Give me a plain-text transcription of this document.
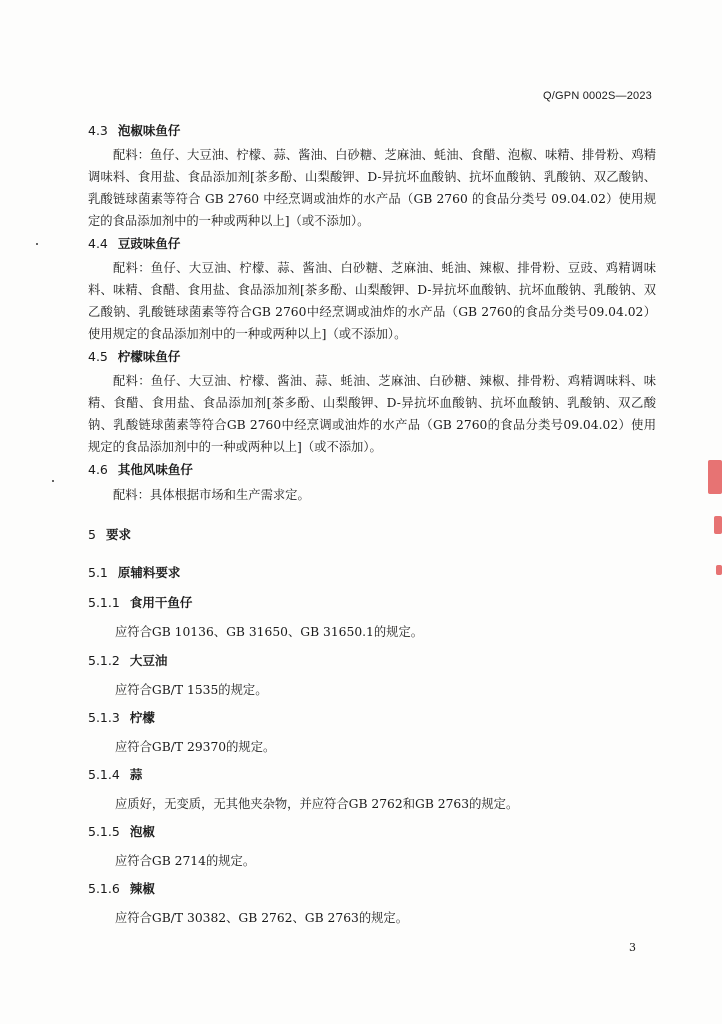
Q/GPN 0002S—2023
4.3 泡椒味鱼仔

配料：鱼仔、大豆油、柠檬、蒜、酱油、白砂糖、芝麻油、蚝油、食醋、泡椒、味精、排骨粉、鸡精调味料、食用盐、食品添加剂[茶多酚、山梨酸钾、D-异抗坏血酸钠、抗坏血酸钠、乳酸钠、双乙酸钠、乳酸链球菌素等符合 GB 2760 中经烹调或油炸的水产品（GB 2760 的食品分类号 09.04.02）使用规定的食品添加剂中的一种或两种以上]（或不添加）。

4.4 豆豉味鱼仔

配料：鱼仔、大豆油、柠檬、蒜、酱油、白砂糖、芝麻油、蚝油、辣椒、排骨粉、豆豉、鸡精调味料、味精、食醋、食用盐、食品添加剂[茶多酚、山梨酸钾、D-异抗坏血酸钠、抗坏血酸钠、乳酸钠、双乙酸钠、乳酸链球菌素等符合GB 2760中经烹调或油炸的水产品（GB 2760的食品分类号09.04.02）使用规定的食品添加剂中的一种或两种以上]（或不添加）。

4.5 柠檬味鱼仔

配料：鱼仔、大豆油、柠檬、酱油、蒜、蚝油、芝麻油、白砂糖、辣椒、排骨粉、鸡精调味料、味精、食醋、食用盐、食品添加剂[茶多酚、山梨酸钾、D-异抗坏血酸钠、抗坏血酸钠、乳酸钠、双乙酸钠、乳酸链球菌素等符合GB 2760中经烹调或油炸的水产品（GB 2760的食品分类号09.04.02）使用规定的食品添加剂中的一种或两种以上]（或不添加）。

4.6 其他风味鱼仔

配料：具体根据市场和生产需求定。

5 要求
5.1 原辅料要求
5.1.1 食用干鱼仔
应符合GB 10136、GB 31650、GB 31650.1的规定。
5.1.2 大豆油
应符合GB/T 1535的规定。
5.1.3 柠檬
应符合GB/T 29370的规定。
5.1.4 蒜
应质好，无变质，无其他夹杂物，并应符合GB 2762和GB 2763的规定。
5.1.5 泡椒
应符合GB 2714的规定。
5.1.6 辣椒
应符合GB/T 30382、GB 2762、GB 2763的规定。
3
